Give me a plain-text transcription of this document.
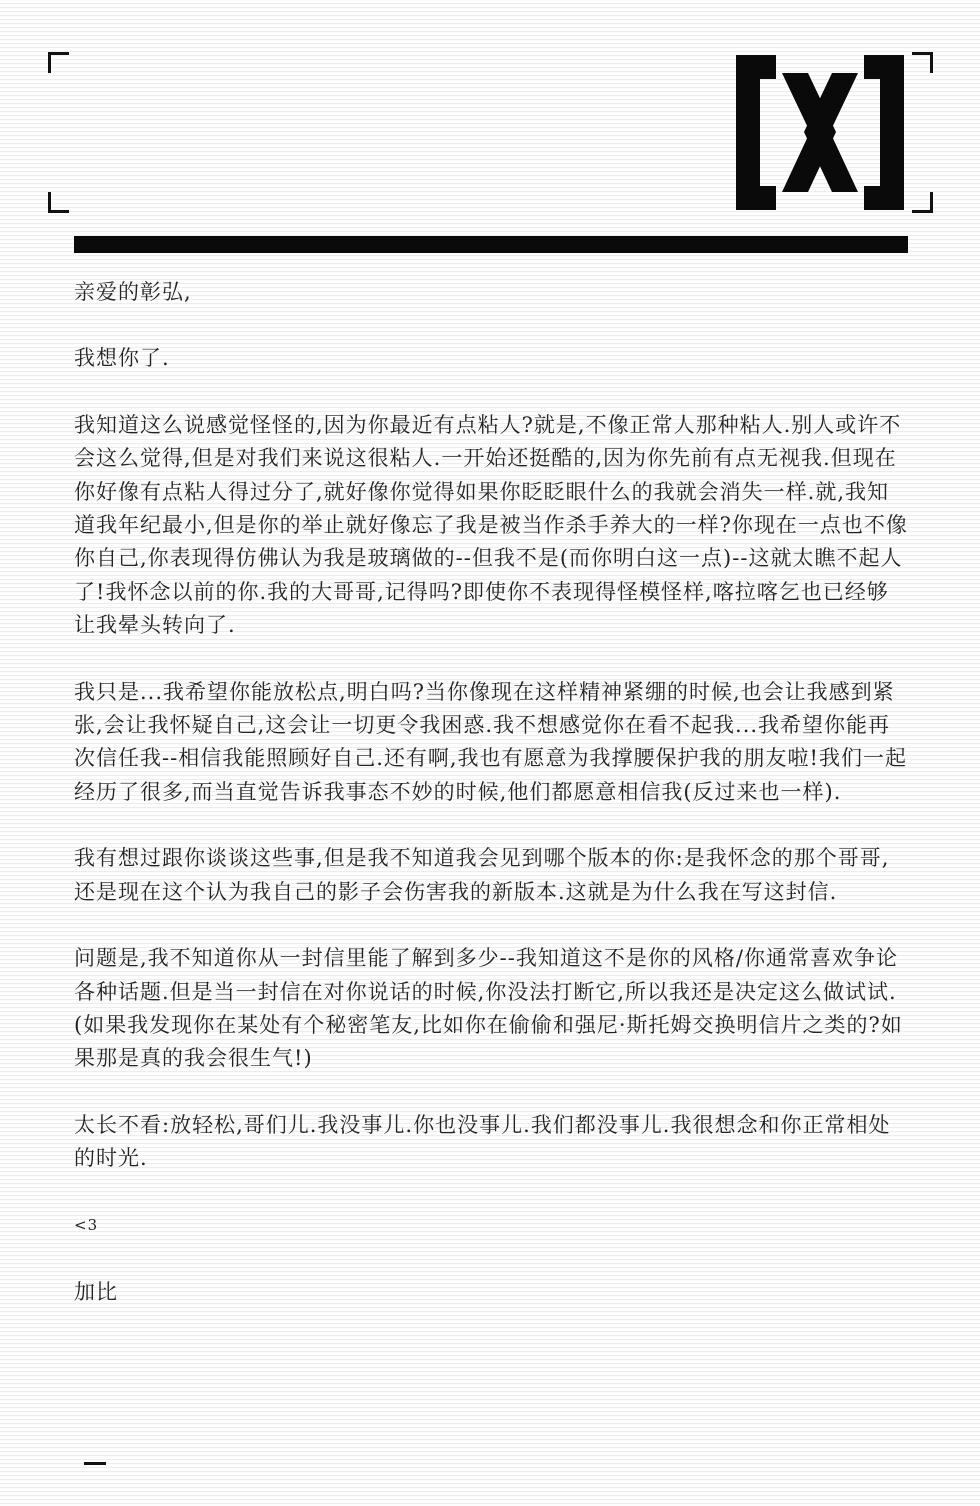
亲爱的彰弘,

我想你了.

我知道这么说感觉怪怪的,因为你最近有点粘人?就是,不像正常人那种粘人.别人或许不会这么觉得,但是对我们来说这很粘人.一开始还挺酷的,因为你先前有点无视我.但现在你好像有点粘人得过分了,就好像你觉得如果你眨眨眼什么的我就会消失一样.就,我知道我年纪最小,但是你的举止就好像忘了我是被当作杀手养大的一样?你现在一点也不像你自己,你表现得仿佛认为我是玻璃做的--但我不是(而你明白这一点)--这就太瞧不起人了!我怀念以前的你.我的大哥哥,记得吗?即使你不表现得怪模怪样,喀拉喀乞也已经够让我晕头转向了.

我只是...我希望你能放松点,明白吗?当你像现在这样精神紧绷的时候,也会让我感到紧张,会让我怀疑自己,这会让一切更令我困惑.我不想感觉你在看不起我...我希望你能再次信任我--相信我能照顾好自己.还有啊,我也有愿意为我撑腰保护我的朋友啦!我们一起经历了很多,而当直觉告诉我事态不妙的时候,他们都愿意相信我(反过来也一样).

我有想过跟你谈谈这些事,但是我不知道我会见到哪个版本的你:是我怀念的那个哥哥,还是现在这个认为我自己的影子会伤害我的新版本.这就是为什么我在写这封信.

问题是,我不知道你从一封信里能了解到多少--我知道这不是你的风格/你通常喜欢争论各种话题.但是当一封信在对你说话的时候,你没法打断它,所以我还是决定这么做试试.(如果我发现你在某处有个秘密笔友,比如你在偷偷和强尼·斯托姆交换明信片之类的?如果那是真的我会很生气!)

太长不看:放轻松,哥们儿.我没事儿.你也没事儿.我们都没事儿.我很想念和你正常相处的时光.

<3

加比
